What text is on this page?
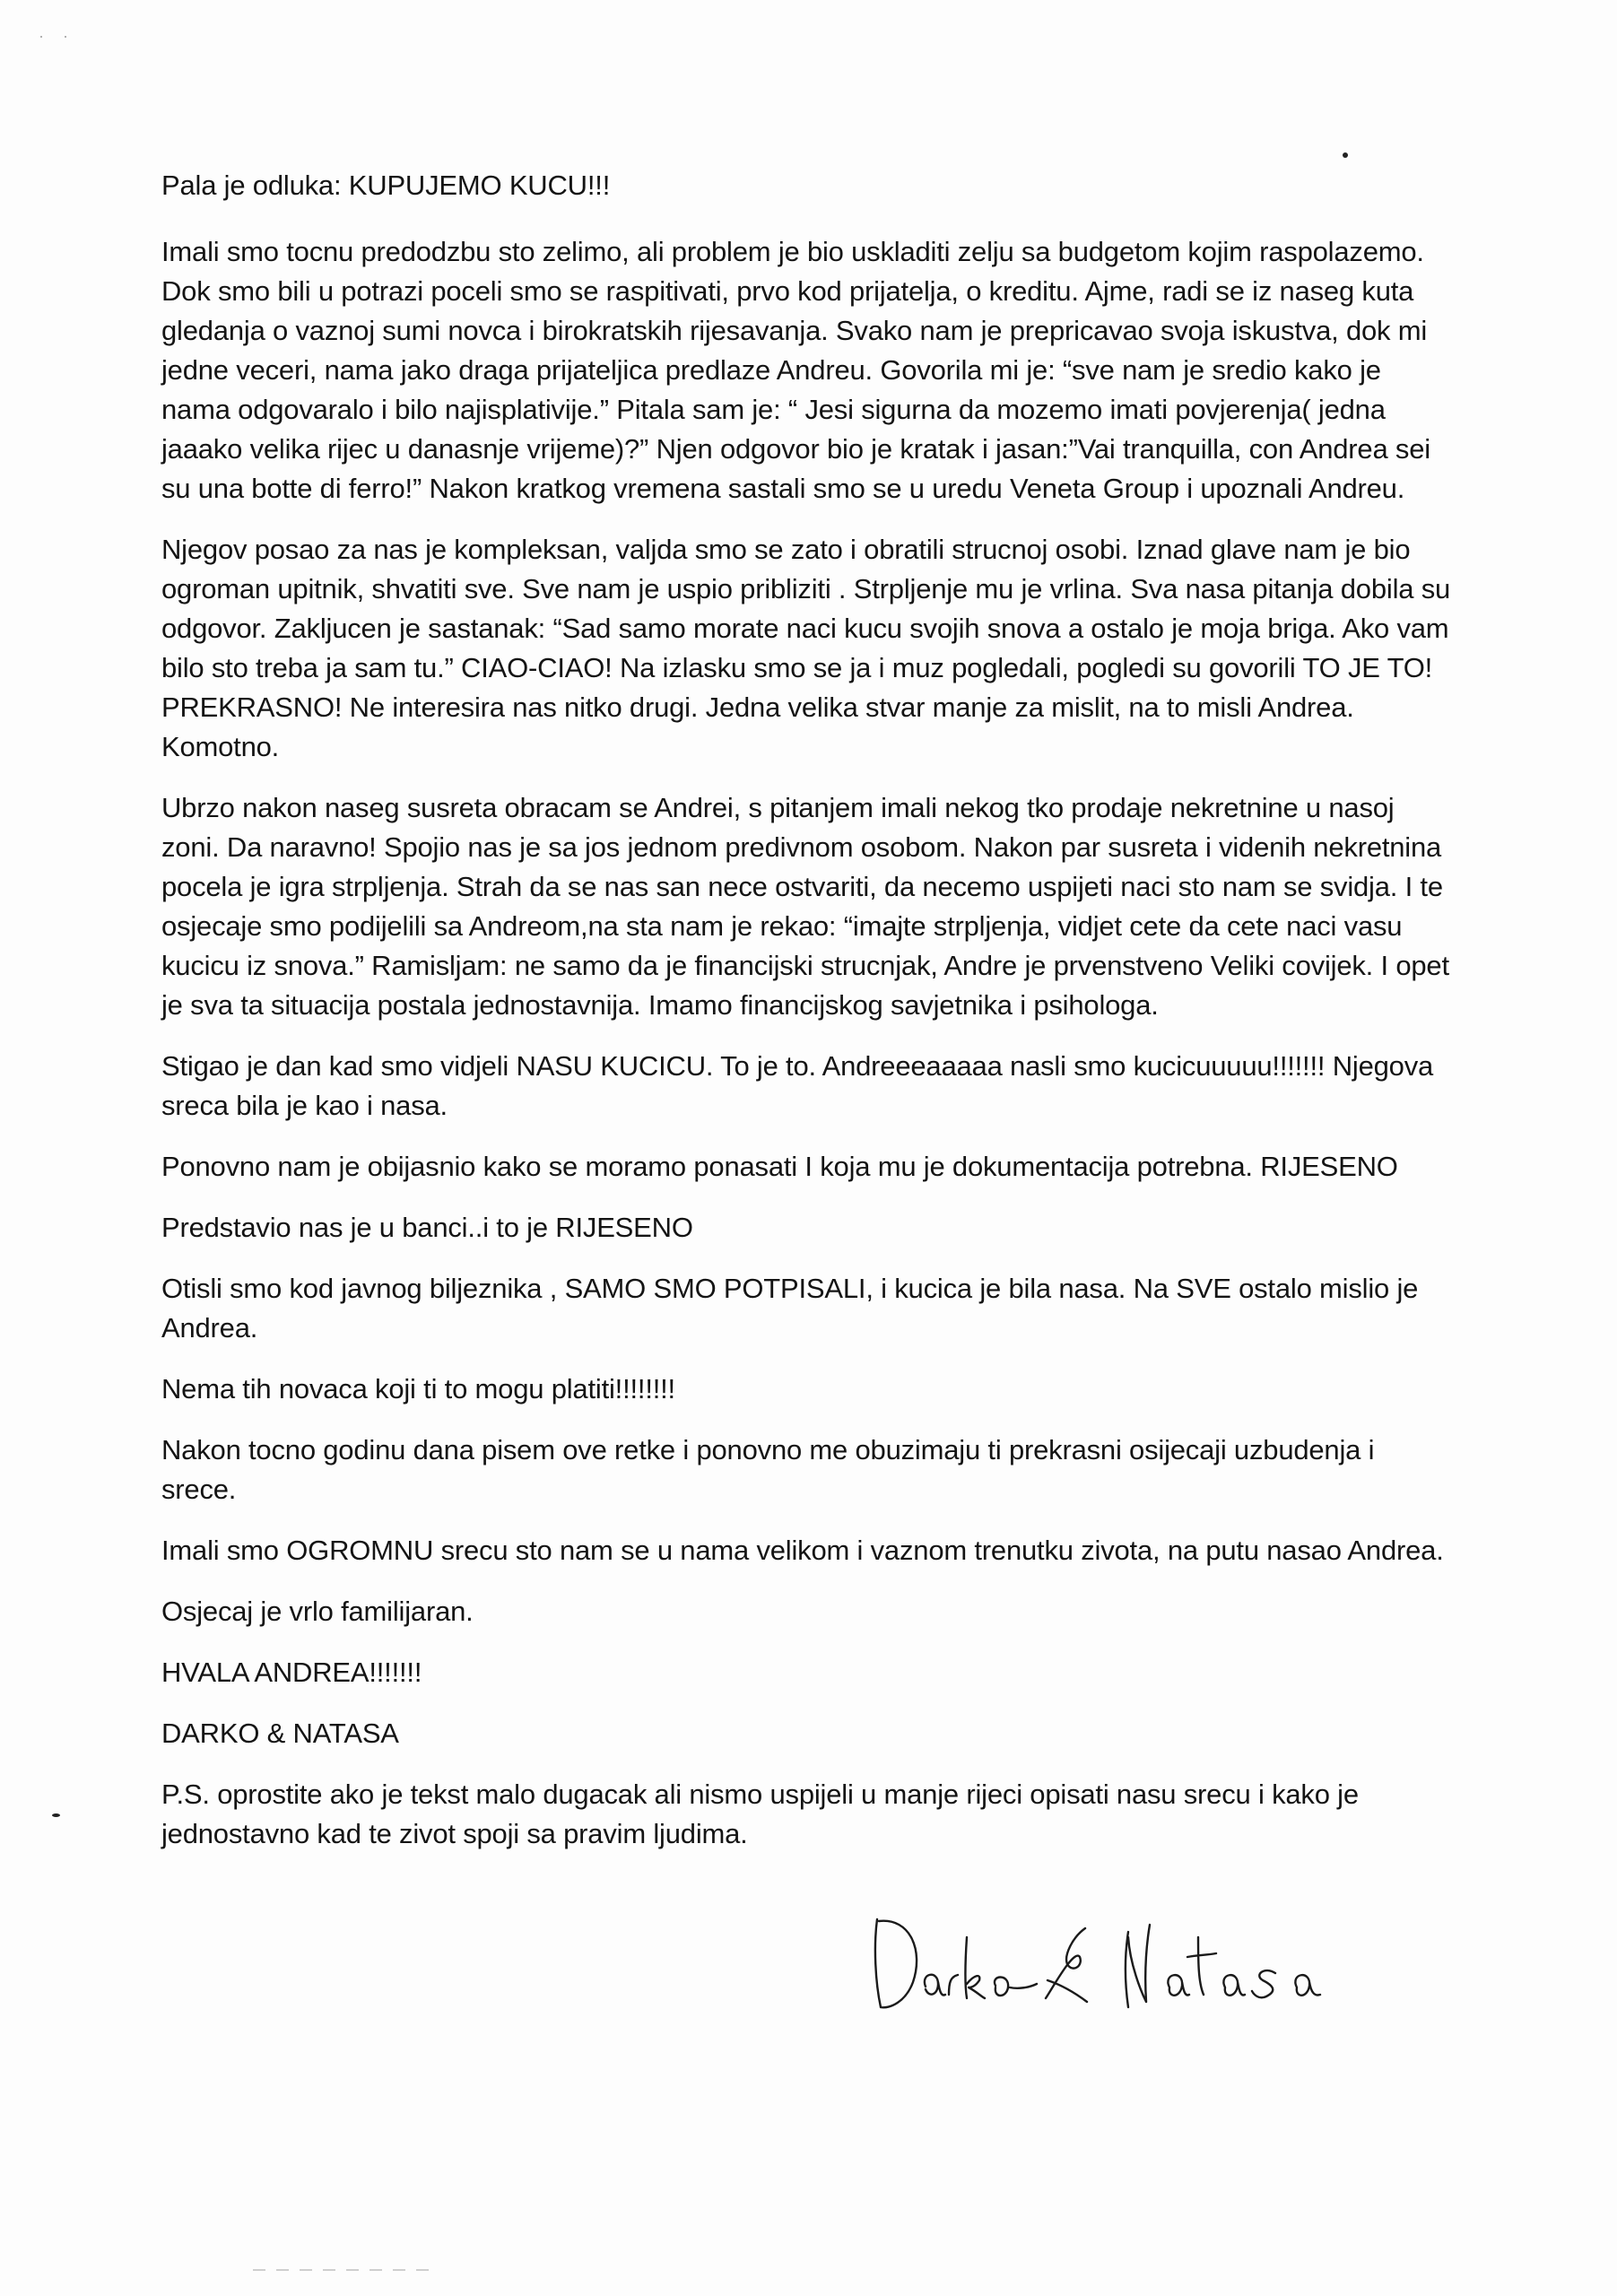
Pala je odluka: KUPUJEMO KUCU!!!

Imali smo tocnu predodzbu sto zelimo, ali problem je bio uskladiti zelju sa budgetom kojim raspolazemo. Dok smo bili u potrazi poceli smo se raspitivati, prvo kod prijatelja, o kreditu. Ajme, radi se iz naseg kuta gledanja o vaznoj sumi novca i birokratskih rijesavanja. Svako nam je prepricavao svoja iskustva, dok mi jedne veceri, nama jako draga prijateljica predlaze Andreu. Govorila mi je: “sve nam je sredio kako je nama odgovaralo i bilo najisplativije.” Pitala sam je: “ Jesi sigurna da mozemo imati povjerenja( jedna jaaako velika rijec u danasnje vrijeme)?” Njen odgovor bio je kratak i jasan:”Vai tranquilla, con Andrea sei su una botte di ferro!” Nakon kratkog vremena sastali smo se u uredu Veneta Group i upoznali Andreu.

Njegov posao za nas je kompleksan, valjda smo se zato i obratili strucnoj osobi. Iznad glave nam je bio ogroman upitnik, shvatiti sve. Sve nam je uspio pribliziti . Strpljenje mu je vrlina. Sva nasa pitanja dobila su odgovor. Zakljucen je sastanak: “Sad samo morate naci kucu svojih snova a ostalo je moja briga. Ako vam bilo sto treba ja sam tu.” CIAO-CIAO! Na izlasku smo se ja i muz pogledali, pogledi su govorili TO JE TO! PREKRASNO! Ne interesira nas nitko drugi. Jedna velika stvar manje za mislit, na to misli Andrea. Komotno.

Ubrzo nakon naseg susreta obracam se Andrei, s pitanjem imali nekog tko prodaje nekretnine u nasoj zoni. Da naravno! Spojio nas je sa jos jednom predivnom osobom. Nakon par susreta i videnih nekretnina pocela je igra strpljenja. Strah da se nas san nece ostvariti, da necemo uspijeti naci sto nam se svidja. I te osjecaje smo podijelili sa Andreom,na sta nam je rekao: “imajte strpljenja, vidjet cete da cete naci vasu kucicu iz snova.” Ramisljam: ne samo da je financijski strucnjak, Andre je prvenstveno Veliki covijek. I opet je sva ta situacija postala jednostavnija. Imamo financijskog savjetnika i psihologa.

Stigao je dan kad smo vidjeli NASU KUCICU. To je to. Andreeeaaaaa nasli smo kucicuuuuu!!!!!!! Njegova sreca bila je kao i nasa.

Ponovno nam je obijasnio kako se moramo ponasati I koja mu je dokumentacija potrebna. RIJESENO

Predstavio nas je u banci..i to je RIJESENO

Otisli smo kod javnog biljeznika , SAMO SMO POTPISALI, i kucica je bila nasa. Na SVE ostalo mislio je Andrea.

Nema tih novaca koji ti to mogu platiti!!!!!!!!

Nakon tocno godinu dana pisem ove retke i ponovno me obuzimaju ti prekrasni osijecaji uzbudenja i srece.

Imali smo OGROMNU srecu sto nam se u nama velikom i vaznom trenutku zivota, na putu nasao Andrea.

Osjecaj je vrlo familijaran.

HVALA ANDREA!!!!!!!

DARKO & NATASA

P.S. oprostite ako je tekst malo dugacak ali nismo uspijeli u manje rijeci opisati nasu srecu i kako je jednostavno kad te zivot spoji sa pravim ljudima.
